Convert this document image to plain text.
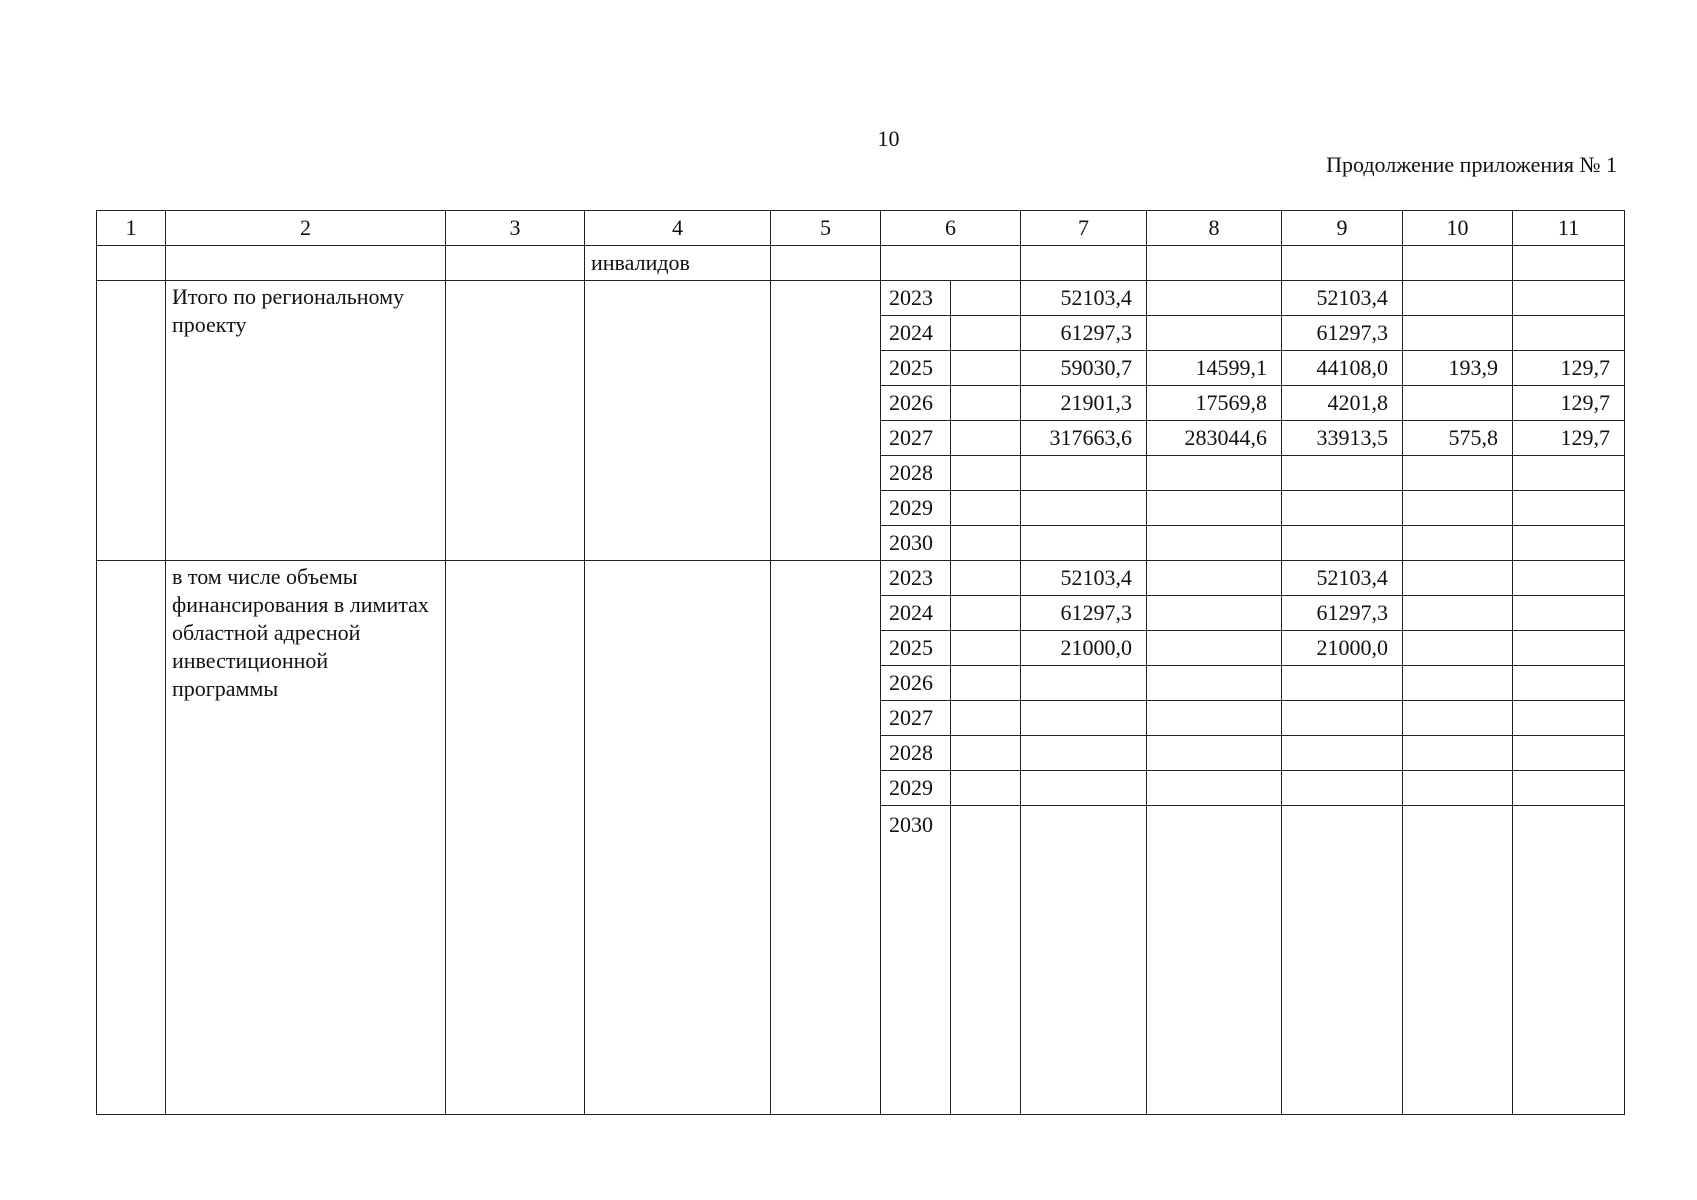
10
Продолжение приложения № 1
1	2	3	4	5	6		7	8	9	10	11
			инвалидов								
	Итого по региональному проекту				2023		52103,4		52103,4		
					2024		61297,3		61297,3		
					2025		59030,7	14599,1	44108,0	193,9	129,7
					2026		21901,3	17569,8	4201,8		129,7
					2027		317663,6	283044,6	33913,5	575,8	129,7
					2028						
					2029						
					2030						
	в том числе объемы финансирования в лимитах областной адресной инвестиционной программы				2023		52103,4		52103,4		
					2024		61297,3		61297,3		
					2025		21000,0		21000,0		
					2026						
					2027						
					2028						
					2029						
					2030						
